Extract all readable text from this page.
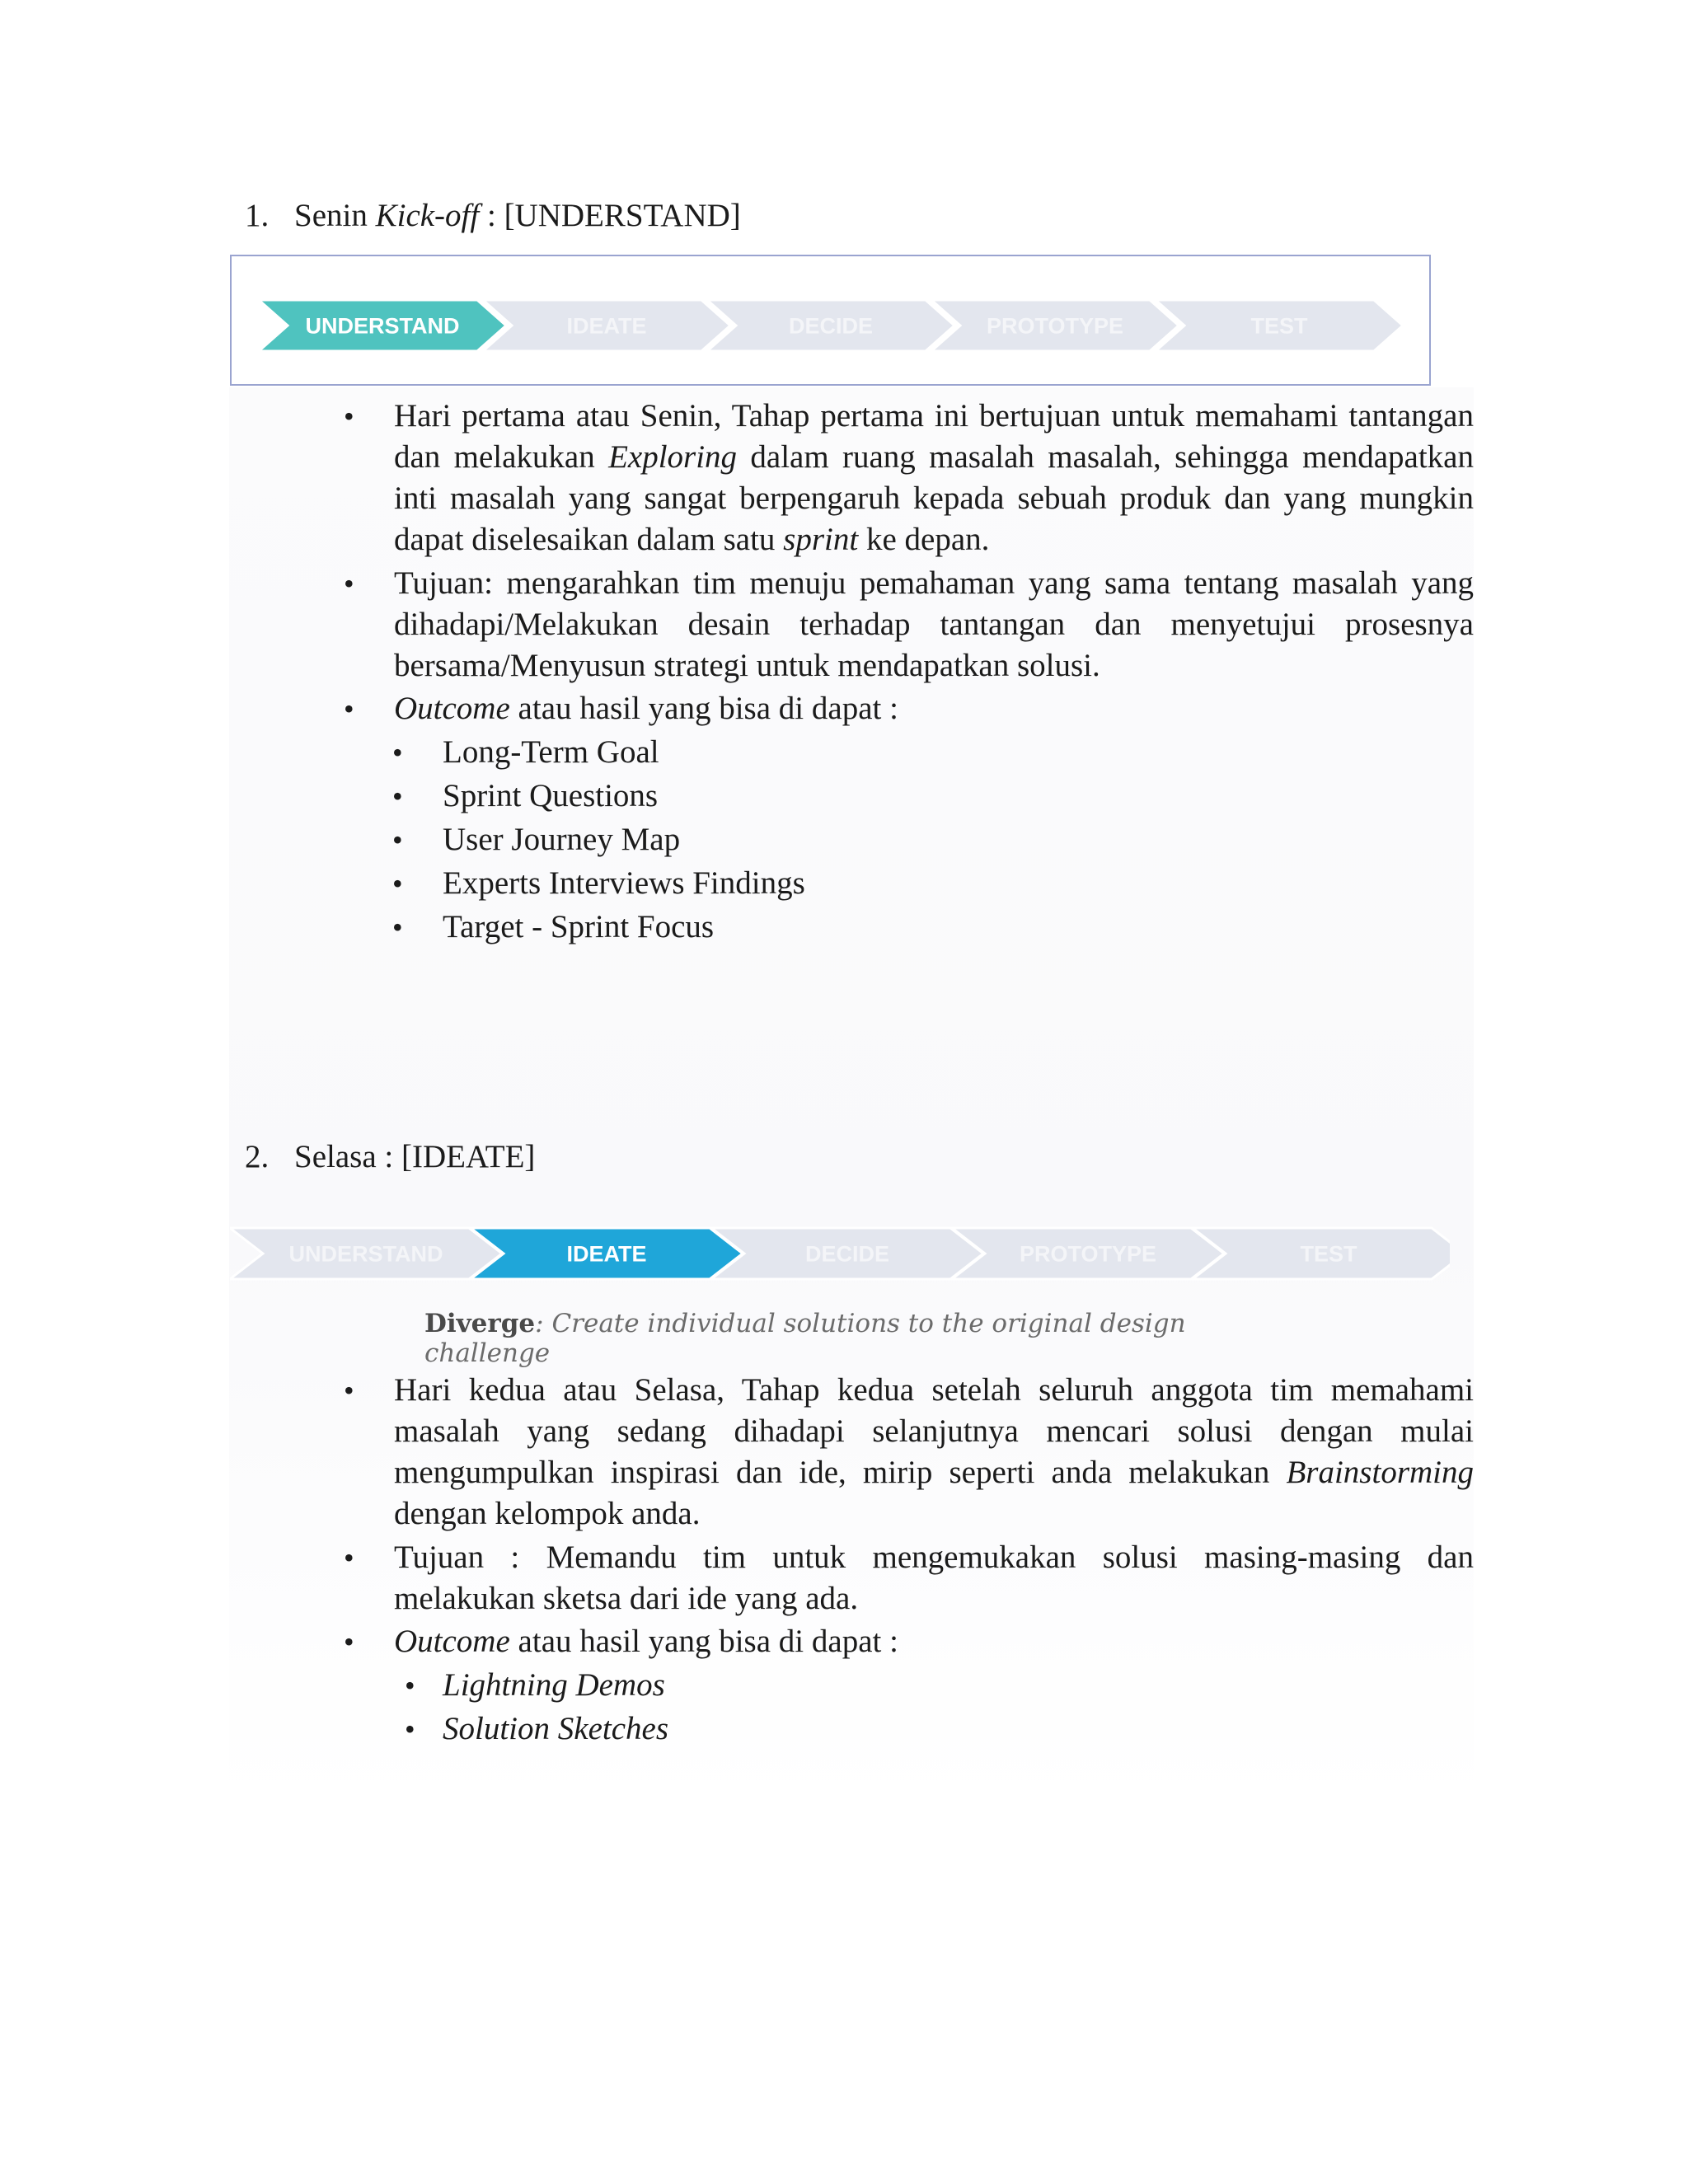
1. Senin Kick-off : [UNDERSTAND]
UNDERSTAND	IDEATE	DECIDE	PROTOTYPE	TEST
• Hari pertama atau Senin, Tahap pertama ini bertujuan untuk memahami tantangan dan melakukan Exploring dalam ruang masalah masalah, sehingga mendapatkan inti masalah yang sangat berpengaruh kepada sebuah produk dan yang mungkin dapat diselesaikan dalam satu sprint ke depan.
• Tujuan: mengarahkan tim menuju pemahaman yang sama tentang masalah yang dihadapi/Melakukan desain terhadap tantangan dan menyetujui prosesnya bersama/Menyusun strategi untuk mendapatkan solusi.
• Outcome atau hasil yang bisa di dapat :
• Long-Term Goal
• Sprint Questions
• User Journey Map
• Experts Interviews Findings
• Target - Sprint Focus
2. Selasa : [IDEATE]
UNDERSTAND	IDEATE	DECIDE	PROTOTYPE	TEST
Diverge: Create individual solutions to the original design challenge
• Hari kedua atau Selasa, Tahap kedua setelah seluruh anggota tim memahami masalah yang sedang dihadapi selanjutnya mencari solusi dengan mulai mengumpulkan inspirasi dan ide, mirip seperti anda melakukan Brainstorming dengan kelompok anda.
• Tujuan : Memandu tim untuk mengemukakan solusi masing-masing dan melakukan sketsa dari ide yang ada.
• Outcome atau hasil yang bisa di dapat :
• Lightning Demos
• Solution Sketches
